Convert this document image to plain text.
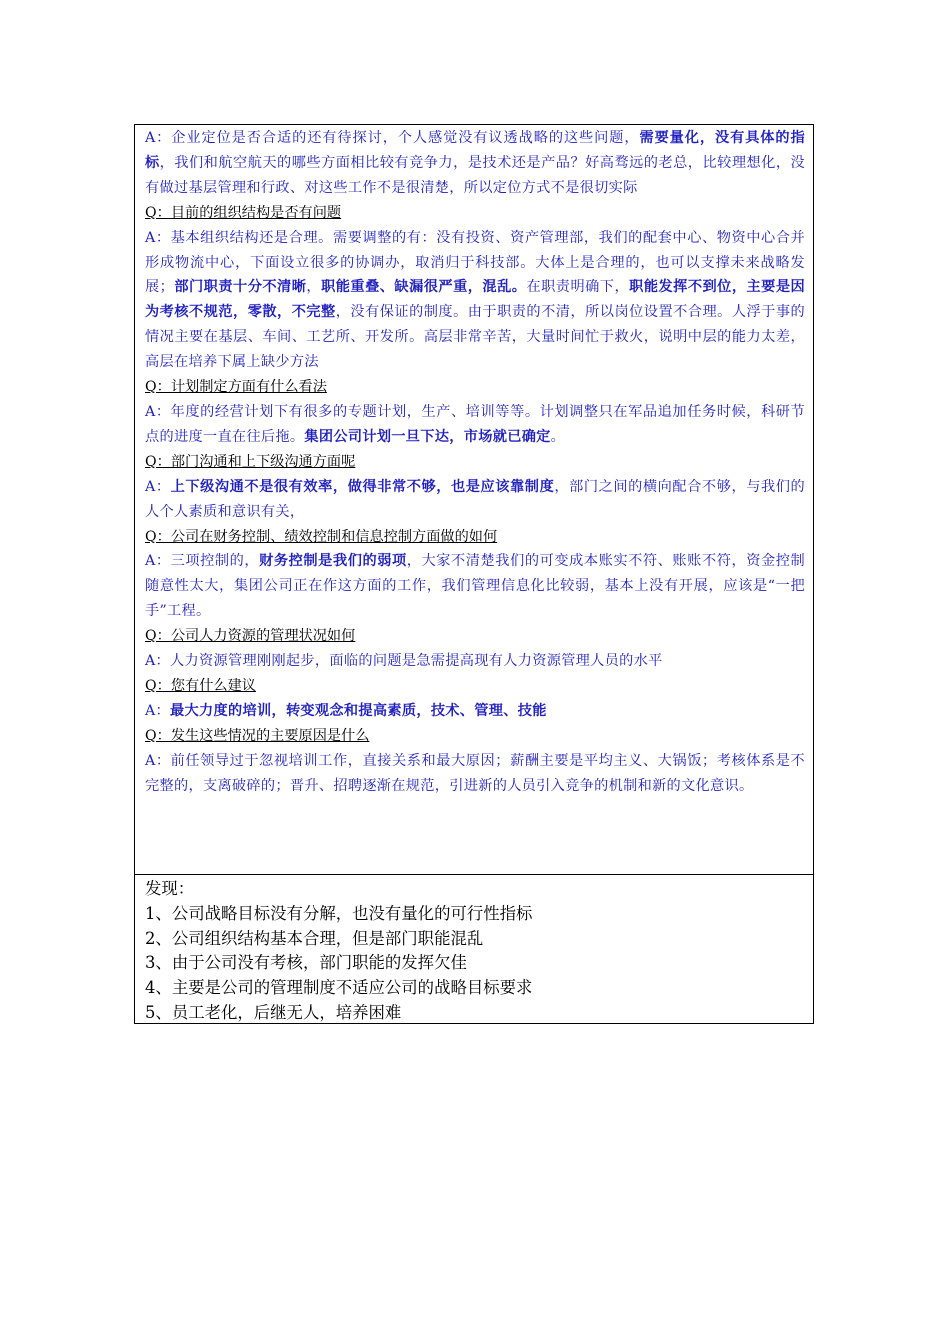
A：企业定位是否合适的还有待探讨，个人感觉没有议透战略的这些问题，需要量化，没有具体的指标，我们和航空航天的哪些方面相比较有竞争力，是技术还是产品？好高骛远的老总，比较理想化，没有做过基层管理和行政、对这些工作不是很清楚，所以定位方式不是很切实际

Q：目前的组织结构是否有问题

A：基本组织结构还是合理。需要调整的有：没有投资、资产管理部，我们的配套中心、物资中心合并形成物流中心，下面设立很多的协调办，取消归于科技部。大体上是合理的，也可以支撑未来战略发展；部门职责十分不清晰，职能重叠、缺漏很严重，混乱。在职责明确下，职能发挥不到位，主要是因为考核不规范，零散，不完整，没有保证的制度。由于职责的不清，所以岗位设置不合理。人浮于事的情况主要在基层、车间、工艺所、开发所。高层非常辛苦，大量时间忙于救火，说明中层的能力太差，高层在培养下属上缺少方法

Q：计划制定方面有什么看法

A：年度的经营计划下有很多的专题计划，生产、培训等等。计划调整只在军品追加任务时候，科研节点的进度一直在往后拖。集团公司计划一旦下达，市场就已确定。

Q：部门沟通和上下级沟通方面呢

A：上下级沟通不是很有效率，做得非常不够，也是应该靠制度，部门之间的横向配合不够，与我们的人个人素质和意识有关，

Q：公司在财务控制、绩效控制和信息控制方面做的如何

A：三项控制的，财务控制是我们的弱项，大家不清楚我们的可变成本账实不符、账账不符，资金控制随意性太大，集团公司正在作这方面的工作，我们管理信息化比较弱，基本上没有开展，应该是“一把手”工程。

Q：公司人力资源的管理状况如何

A：人力资源管理刚刚起步，面临的问题是急需提高现有人力资源管理人员的水平

Q：您有什么建议

A：最大力度的培训，转变观念和提高素质，技术、管理、技能

Q：发生这些情况的主要原因是什么

A：前任领导过于忽视培训工作，直接关系和最大原因；薪酬主要是平均主义、大锅饭；考核体系是不完整的，支离破碎的；晋升、招聘逐渐在规范，引进新的人员引入竞争的机制和新的文化意识。

发现：

1、公司战略目标没有分解，也没有量化的可行性指标

2、公司组织结构基本合理，但是部门职能混乱

3、由于公司没有考核，部门职能的发挥欠佳

4、主要是公司的管理制度不适应公司的战略目标要求

5、员工老化，后继无人，培养困难
